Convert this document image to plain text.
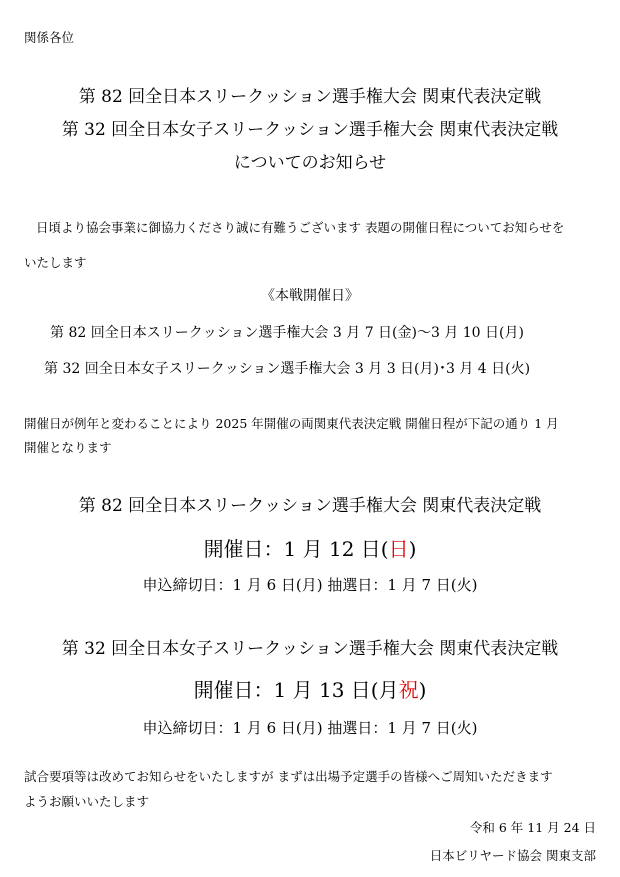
関係各位
第 82 回全日本スリークッション選手権大会 関東代表決定戦
第 32 回全日本女子スリークッション選手権大会 関東代表決定戦
についてのお知らせ
日頃より協会事業に御協力くださり誠に有難うございます 表題の開催日程についてお知らせを
いたします
《本戦開催日》
第 82 回全日本スリークッション選手権大会 3 月 7 日(金)～3 月 10 日(月)
第 32 回全日本女子スリークッション選手権大会 3 月 3 日(月)･3 月 4 日(火)
開催日が例年と変わることにより 2025 年開催の両関東代表決定戦 開催日程が下記の通り 1 月
開催となります
第 82 回全日本スリークッション選手権大会 関東代表決定戦
開催日：1 月 12 日(日)
申込締切日：1 月 6 日(月) 抽選日：1 月 7 日(火)
第 32 回全日本女子スリークッション選手権大会 関東代表決定戦
開催日：1 月 13 日(月祝)
申込締切日：1 月 6 日(月) 抽選日：1 月 7 日(火)
試合要項等は改めてお知らせをいたしますが まずは出場予定選手の皆様へご周知いただきます
ようお願いいたします
令和 6 年 11 月 24 日
日本ビリヤード協会 関東支部
